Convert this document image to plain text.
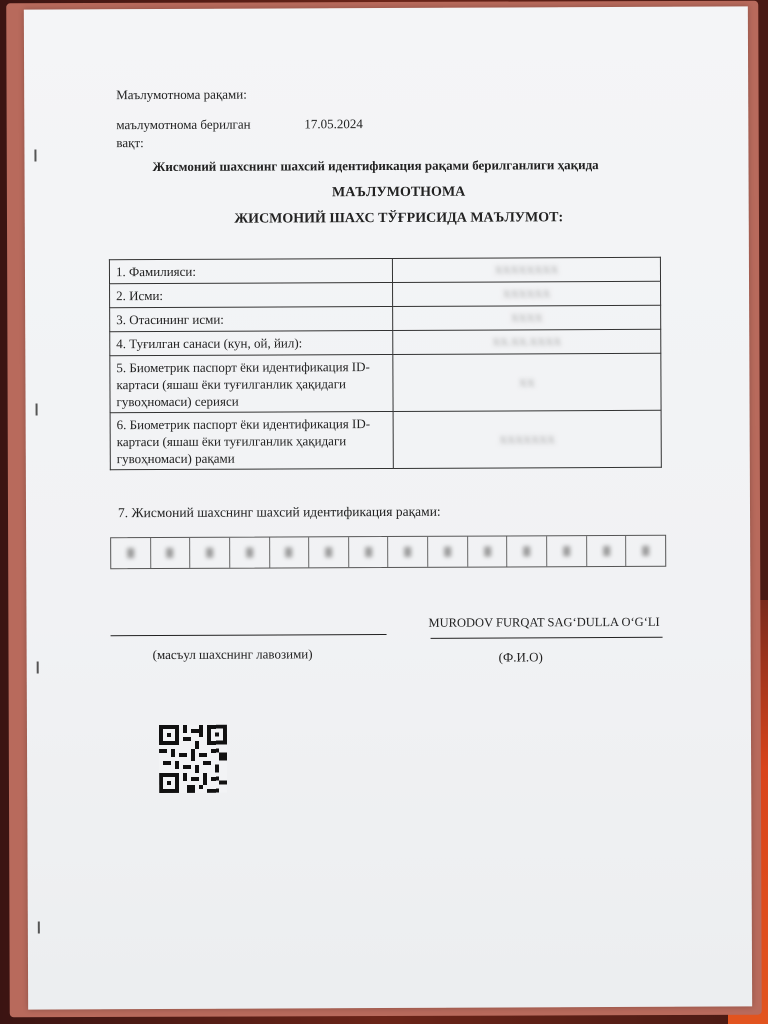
Маълумотнома рақами:
маълумотнома берилган
вақт:
17.05.2024
Жисмоний шахснинг шахсий идентификация рақами берилганлиги ҳақида
МАЪЛУМОТНОМА
ЖИСМОНИЙ ШАХС ТЎҒРИСИДА МАЪЛУМОТ:
1. Фамилияси:	XXXXXXXX
2. Исми:	XXXXXX
3. Отасининг исми:	XXXX
4. Туғилган санаси (кун, ой, йил):	XX.XX.XXXX
5. Биометрик паспорт ёки идентификация ID-картаси (яшаш ёки туғилганлик ҳақидаги гувоҳномаси) серияси	XX
6. Биометрик паспорт ёки идентификация ID-картаси (яшаш ёки туғилганлик ҳақидаги гувоҳномаси) рақами	XXXXXXX
7. Жисмоний шахснинг шахсий идентификация рақами:
MURODOV FURQAT SAG‘DULLA O‘G‘LI
(масъул шахснинг лавозими)	(Ф.И.О)
